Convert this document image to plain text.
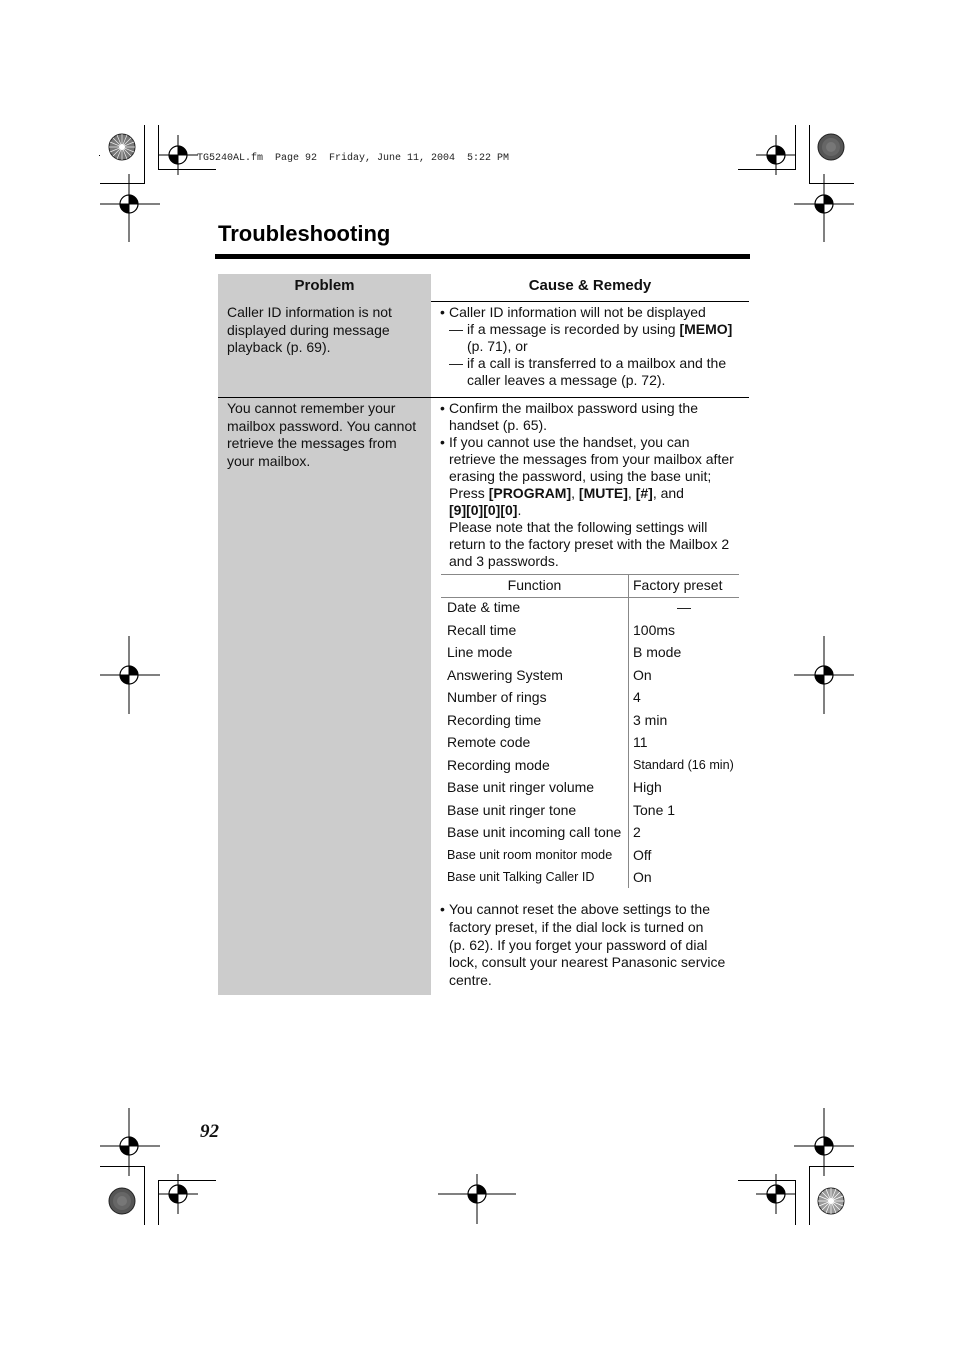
TG5240AL.fm  Page 92  Friday, June 11, 2004  5:22 PM
Troubleshooting
Problem	Cause & Remedy
Caller ID information is not
displayed during message
playback (p. 69).
• Caller ID information will not be displayed
— if a message is recorded by using [MEMO]
(p. 71), or
— if a call is transferred to a mailbox and the
caller leaves a message (p. 72).
You cannot remember your
mailbox password. You cannot
retrieve the messages from
your mailbox.
• Confirm the mailbox password using the
handset (p. 65).
• If you cannot use the handset, you can
retrieve the messages from your mailbox after
erasing the password, using the base unit;
Press [PROGRAM], [MUTE], [#], and
[9][0][0][0].
Please note that the following settings will
return to the factory preset with the Mailbox 2
and 3 passwords.
Function	Factory preset
Date & time	—
Recall time	100ms
Line mode	B mode
Answering System	On
Number of rings	4
Recording time	3 min
Remote code	11
Recording mode	Standard (16 min)
Base unit ringer volume	High
Base unit ringer tone	Tone 1
Base unit incoming call tone 2
Base unit room monitor mode Off
Base unit Talking Caller ID	On
• You cannot reset the above settings to the
factory preset, if the dial lock is turned on
(p. 62). If you forget your password of dial
lock, consult your nearest Panasonic service
centre.
92
